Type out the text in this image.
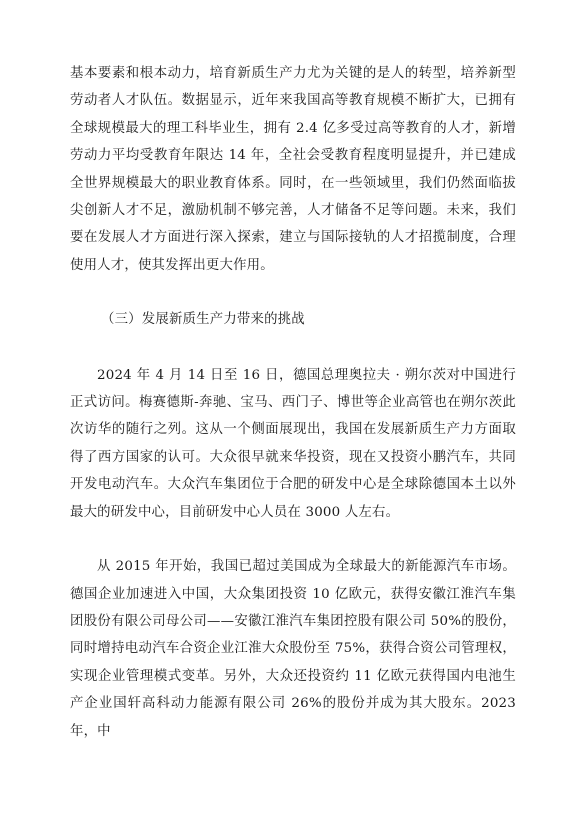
基本要素和根本动力，培育新质生产力尤为关键的是人的转型，培养新型劳动者人才队伍。数据显示，近年来我国高等教育规模不断扩大，已拥有全球规模最大的理工科毕业生，拥有 2.4 亿多受过高等教育的人才，新增劳动力平均受教育年限达 14 年，全社会受教育程度明显提升，并已建成全世界规模最大的职业教育体系。同时，在一些领域里，我们仍然面临拔尖创新人才不足，激励机制不够完善，人才储备不足等问题。未来，我们要在发展人才方面进行深入探索，建立与国际接轨的人才招揽制度，合理使用人才，使其发挥出更大作用。

（三）发展新质生产力带来的挑战

2024 年 4 月 14 日至 16 日，德国总理奥拉夫 · 朔尔茨对中国进行正式访问。梅赛德斯-奔驰、宝马、西门子、博世等企业高管也在朔尔茨此次访华的随行之列。这从一个侧面展现出，我国在发展新质生产力方面取得了西方国家的认可。大众很早就来华投资，现在又投资小鹏汽车，共同开发电动汽车。大众汽车集团位于合肥的研发中心是全球除德国本土以外最大的研发中心，目前研发中心人员在 3000 人左右。

从 2015 年开始，我国已超过美国成为全球最大的新能源汽车市场。德国企业加速进入中国，大众集团投资 10 亿欧元，获得安徽江淮汽车集团股份有限公司母公司——安徽江淮汽车集团控股有限公司 50%的股份，同时增持电动汽车合资企业江淮大众股份至 75%，获得合资公司管理权，实现企业管理模式变革。另外，大众还投资约 11 亿欧元获得国内电池生产企业国轩高科动力能源有限公司 26%的股份并成为其大股东。2023 年，中
